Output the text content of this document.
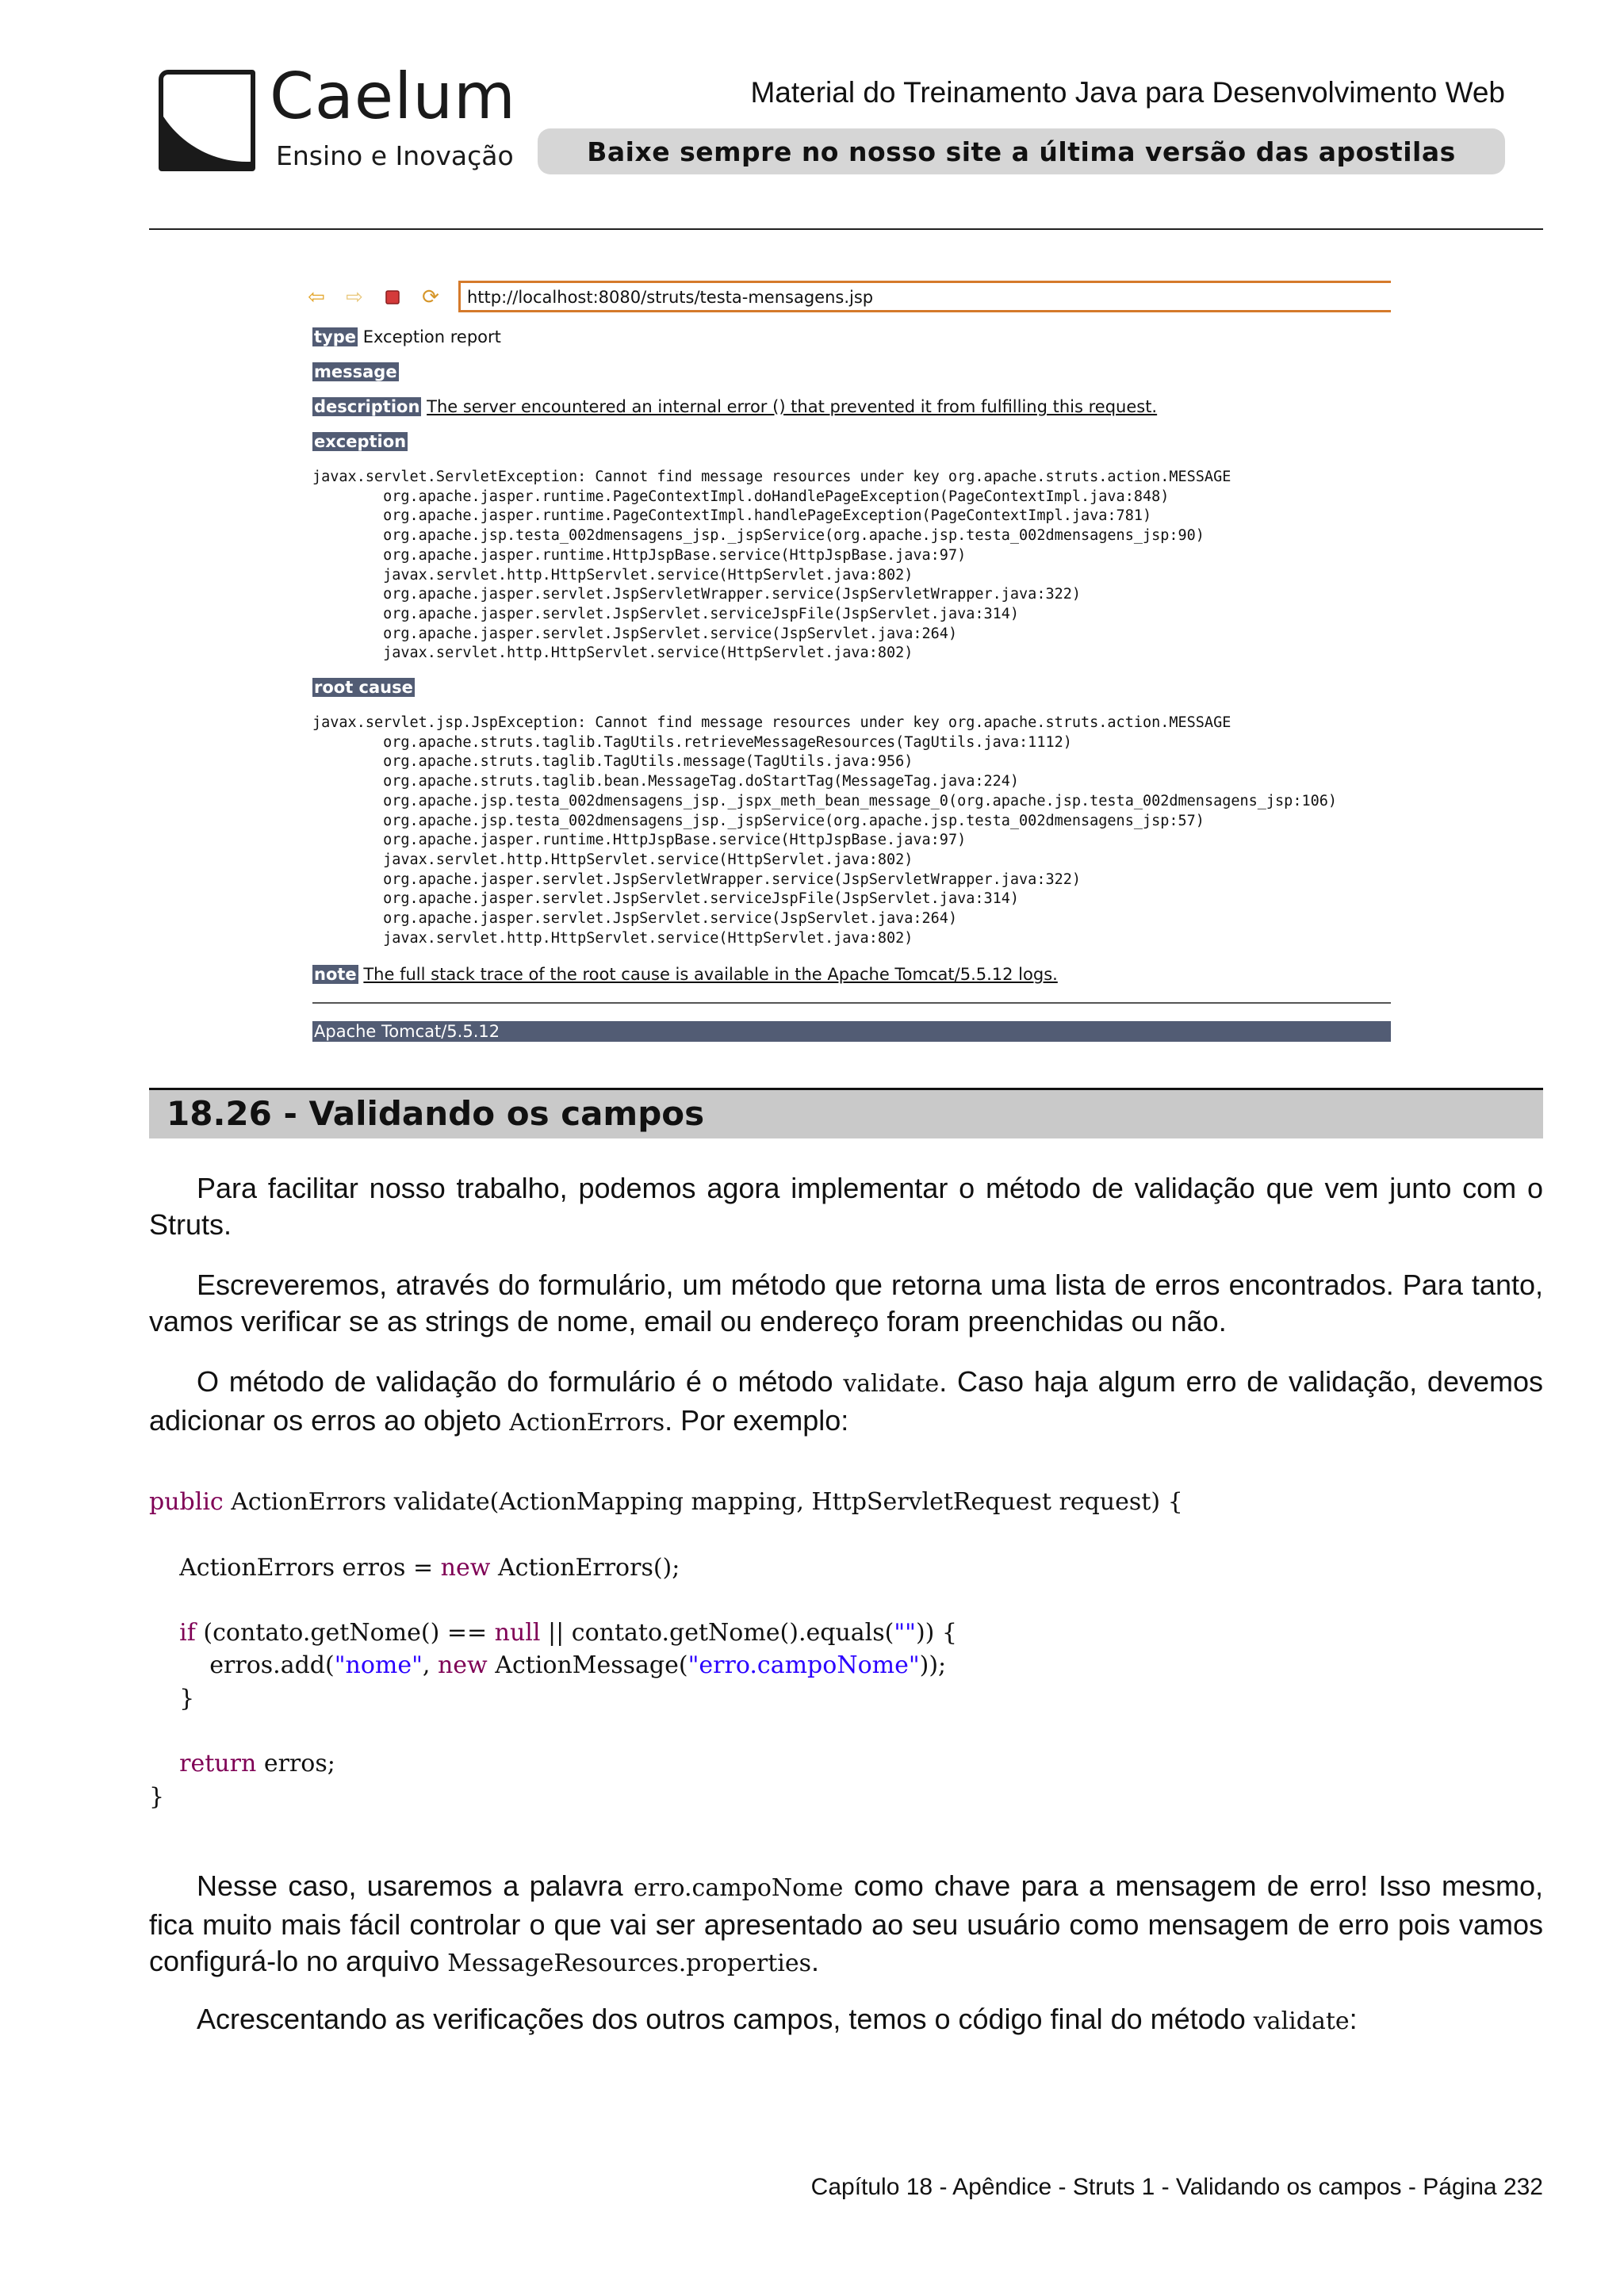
✱ Caelum
Ensino e Inovação
Material do Treinamento Java para Desenvolvimento Web
Baixe sempre no nosso site a última versão das apostilas
⇦ ⇨	⟳	http://localhost:8080/struts/testa-mensagens.jsp
type Exception report
message
description The server encountered an internal error () that prevented it from fulfilling this request.
exception
javax.servlet.ServletException: Cannot find message resources under key org.apache.struts.action.MESSAGE
	org.apache.jasper.runtime.PageContextImpl.doHandlePageException(PageContextImpl.java:848)
	org.apache.jasper.runtime.PageContextImpl.handlePageException(PageContextImpl.java:781)
	org.apache.jsp.testa_002dmensagens_jsp._jspService(org.apache.jsp.testa_002dmensagens_jsp:90)
	org.apache.jasper.runtime.HttpJspBase.service(HttpJspBase.java:97)
	javax.servlet.http.HttpServlet.service(HttpServlet.java:802)
	org.apache.jasper.servlet.JspServletWrapper.service(JspServletWrapper.java:322)
	org.apache.jasper.servlet.JspServlet.serviceJspFile(JspServlet.java:314)
	org.apache.jasper.servlet.JspServlet.service(JspServlet.java:264)
	javax.servlet.http.HttpServlet.service(HttpServlet.java:802)
root cause
javax.servlet.jsp.JspException: Cannot find message resources under key org.apache.struts.action.MESSAGE
	org.apache.struts.taglib.TagUtils.retrieveMessageResources(TagUtils.java:1112)
	org.apache.struts.taglib.TagUtils.message(TagUtils.java:956)
	org.apache.struts.taglib.bean.MessageTag.doStartTag(MessageTag.java:224)
	org.apache.jsp.testa_002dmensagens_jsp._jspx_meth_bean_message_0(org.apache.jsp.testa_002dmensagens_jsp:106)
	org.apache.jsp.testa_002dmensagens_jsp._jspService(org.apache.jsp.testa_002dmensagens_jsp:57)
	org.apache.jasper.runtime.HttpJspBase.service(HttpJspBase.java:97)
	javax.servlet.http.HttpServlet.service(HttpServlet.java:802)
	org.apache.jasper.servlet.JspServletWrapper.service(JspServletWrapper.java:322)
	org.apache.jasper.servlet.JspServlet.serviceJspFile(JspServlet.java:314)
	org.apache.jasper.servlet.JspServlet.service(JspServlet.java:264)
	javax.servlet.http.HttpServlet.service(HttpServlet.java:802)
note The full stack trace of the root cause is available in the Apache Tomcat/5.5.12 logs.
Apache Tomcat/5.5.12
18.26 - Validando os campos

Para facilitar nosso trabalho, podemos agora implementar o método de validação que vem junto com o Struts.

Escreveremos, através do formulário, um método que retorna uma lista de erros encontrados. Para tanto, vamos verificar se as strings de nome, email ou endereço foram preenchidas ou não.

O método de validação do formulário é o método validate. Caso haja algum erro de validação, devemos adicionar os erros ao objeto ActionErrors. Por exemplo:

public ActionErrors validate(ActionMapping mapping, HttpServletRequest request) {

ActionErrors erros = new ActionErrors();

if (contato.getNome() == null || contato.getNome().equals("")) {
erros.add("nome", new ActionMessage("erro.campoNome"));
}

return erros;
}

Nesse caso, usaremos a palavra erro.campoNome como chave para a mensagem de erro! Isso mesmo, fica muito mais fácil controlar o que vai ser apresentado ao seu usuário como mensagem de erro pois vamos configurá-lo no arquivo MessageResources.properties.

Acrescentando as verificações dos outros campos, temos o código final do método validate:

Capítulo 18 - Apêndice - Struts 1 - Validando os campos - Página 232
